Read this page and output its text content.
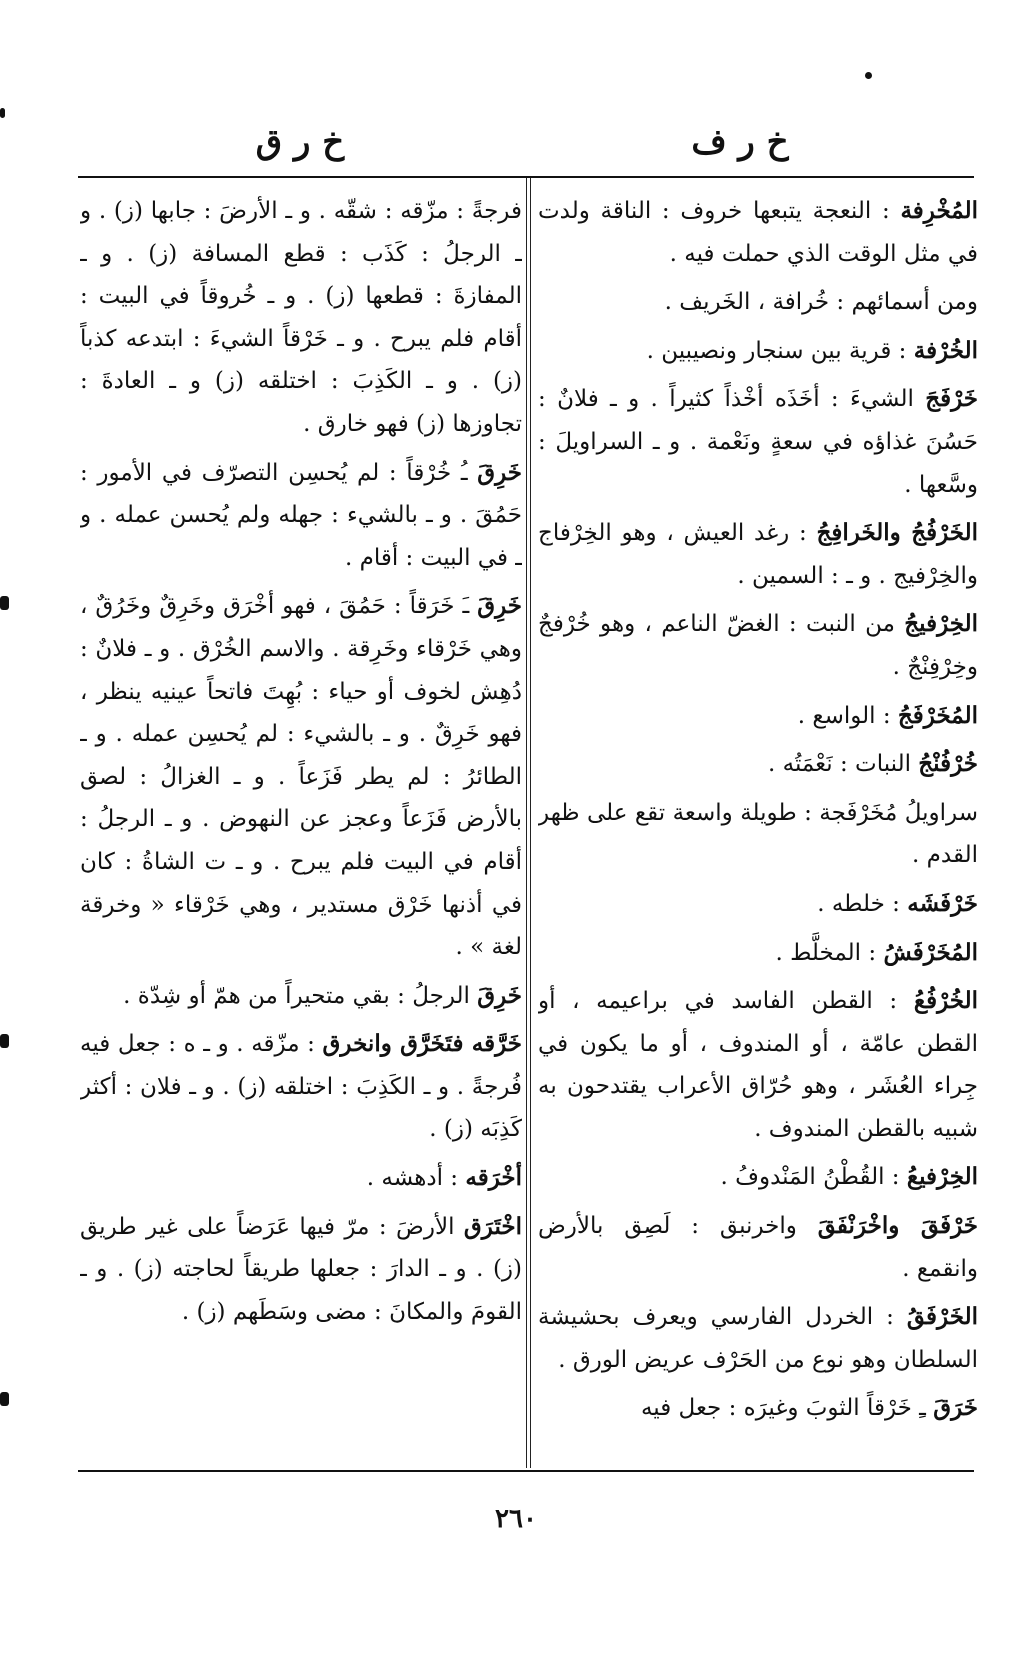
خ ر ف
خ ر ق

المُخْرِفة : النعجة يتبعها خروف : الناقة ولدت في مثل الوقت الذي حملت فيه .

ومن أسمائهم : خُرافة ، الخَريف .

الخُرْفة : قرية بين سنجار ونصيبين .

خَرْفَجَ الشيءَ : أخَذَه أخْذاً كثيراً . و ـ فلانٌ : حَسُنَ غذاؤه في سعةٍ ونَعْمة . و ـ السراويلَ : وسَّعها .

الخَرْفُجُ والخَرافِجُ : رغد العيش ، وهو الخِرْفاج والخِرْفيج . و ـ : السمين .

الخِرْفيجُ من النبت : الغضّ الناعم ، وهو خُرْفجٌ وخِرْفِنْجٌ .

المُخَرْفَجُ : الواسع .

خُرْفُنْجُ النبات : نَعْمَتُه .

سراويلُ مُخَرْفَجة : طويلة واسعة تقع على ظهر القدم .

خَرْفَشَه : خلطه .

المُخَرْفَشُ : المخلَّط .

الخُرْفُعُ : القطن الفاسد في براعيمه ، أو القطن عامّة ، أو المندوف ، أو ما يكون في جِراء العُشَر ، وهو حُرّاق الأعراب يقتدحون به شبيه بالقطن المندوف .

الخِرْفيعُ : القُطْنُ المَنْدوفُ .

خَرْفَقَ واخْرَنْفَقَ واخرنبق : لَصِق بالأرض وانقمع .

الخَرْفَقُ : الخردل الفارسي ويعرف بحشيشة السلطان وهو نوع من الحَرْف عريض الورق .

خَرَقَ ـِ خَرْقاً الثوبَ وغيرَه : جعل فيه

فرجةً : مزّقه : شقّه . و ـ الأرضَ : جابها (ز) . و ـ الرجلُ : كَذَب : قطع المسافة (ز) . و ـ المفازةَ : قطعها (ز) . و ـ خُروقاً في البيت : أقام فلم يبرح . و ـ خَرْقاً الشيءَ : ابتدعه كذباً (ز) . و ـ الكَذِبَ : اختلقه (ز) و ـ العادةَ : تجاوزها (ز) فهو خارق .

خَرِقَ ـُ خُرْقاً : لم يُحسِن التصرّف في الأمور : حَمُقَ . و ـ بالشيء : جهله ولم يُحسن عمله . و ـ في البيت : أقام .

خَرِقَ ـَ خَرَقاً : حَمُقَ ، فهو أخْرَق وخَرِقٌ وخَرُقٌ ، وهي خَرْقاء وخَرِقة . والاسم الخُرْق . و ـ فلانٌ : دُهِش لخوف أو حياء : بُهِتَ فاتحاً عينيه ينظر ، فهو خَرِقٌ . و ـ بالشيء : لم يُحسِن عمله . و ـ الطائرُ : لم يطر فَزَعاً . و ـ الغزالُ : لصق بالأرض فَزَعاً وعجز عن النهوض . و ـ الرجلُ : أقام في البيت فلم يبرح . و ـ ت الشاةُ : كان في أذنها خَرْق مستدير ، وهي خَرْقاء « وخرقة لغة » .

خَرِقَ الرجلُ : بقي متحيراً من همّ أو شِدّة .

خَرَّقه فتَخَرَّق وانخرق : مزّقه . و ـ ه : جعل فيه فُرجةً . و ـ الكَذِبَ : اختلقه (ز) . و ـ فلان : أكثر كَذِبَه (ز) .

أخْرَقه : أدهشه .

اخْتَرَق الأرضَ : مرّ فيها عَرَضاً على غير طريق (ز) . و ـ الدارَ : جعلها طريقاً لحاجته (ز) . و ـ القومَ والمكانَ : مضى وسَطَهم (ز) .

٢٦٠
